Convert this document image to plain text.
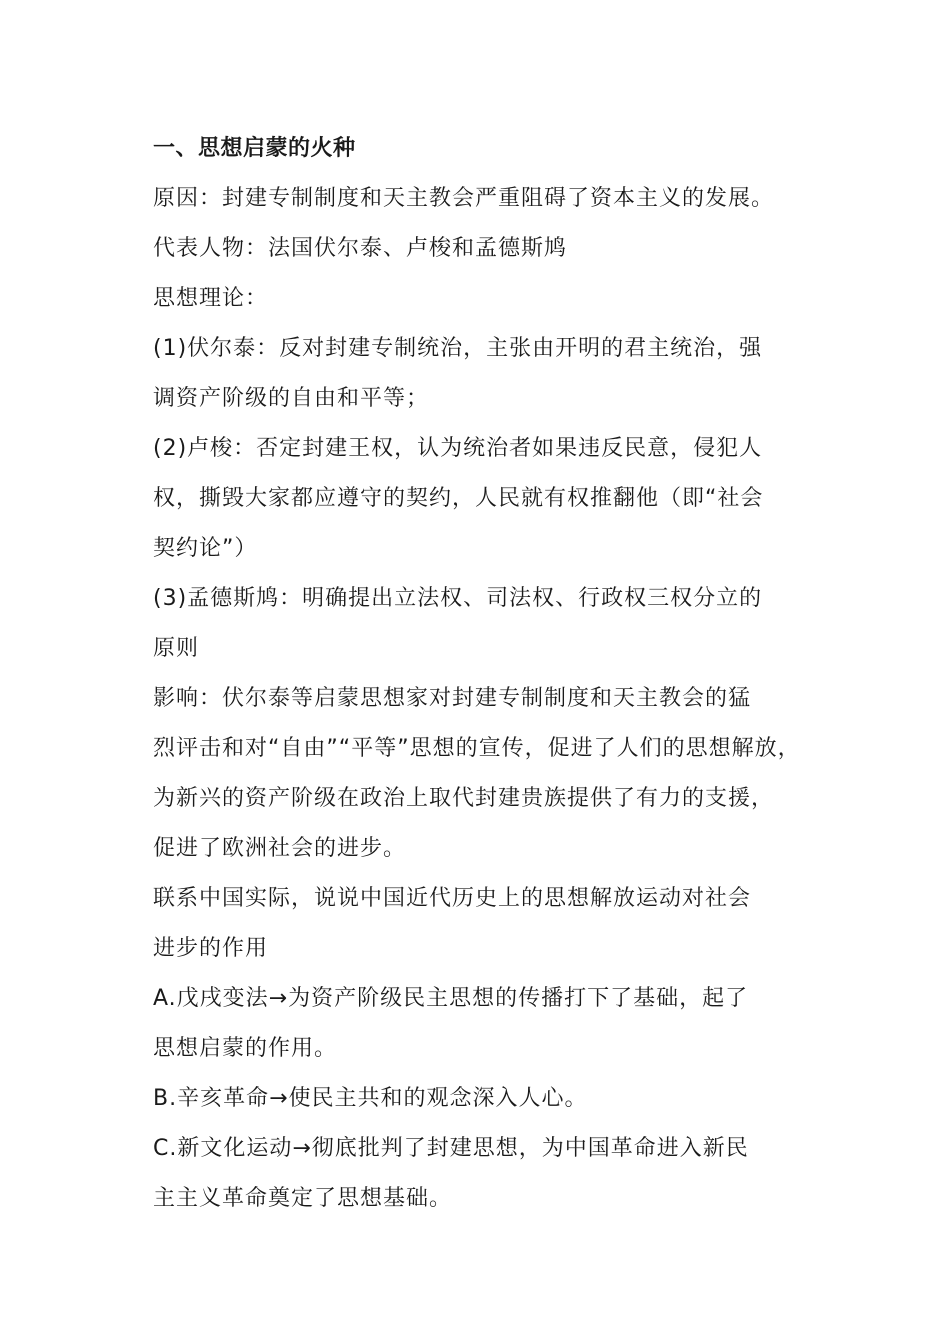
一、思想启蒙的火种
原因：封建专制制度和天主教会严重阻碍了资本主义的发展。
代表人物：法国伏尔泰、卢梭和孟德斯鸠
思想理论：
(1)伏尔泰：反对封建专制统治，主张由开明的君主统治，强
调资产阶级的自由和平等；
(2)卢梭：否定封建王权，认为统治者如果违反民意，侵犯人
权，撕毁大家都应遵守的契约，人民就有权推翻他（即“社会
契约论”）
(3)孟德斯鸠：明确提出立法权、司法权、行政权三权分立的
原则
影响：伏尔泰等启蒙思想家对封建专制制度和天主教会的猛
烈评击和对“自由”“平等”思想的宣传，促进了人们的思想解放，
为新兴的资产阶级在政治上取代封建贵族提供了有力的支援，
促进了欧洲社会的进步。
联系中国实际，说说中国近代历史上的思想解放运动对社会
进步的作用
A.戊戌变法→为资产阶级民主思想的传播打下了基础，起了
思想启蒙的作用。
B.辛亥革命→使民主共和的观念深入人心。
C.新文化运动→彻底批判了封建思想，为中国革命进入新民
主主义革命奠定了思想基础。
